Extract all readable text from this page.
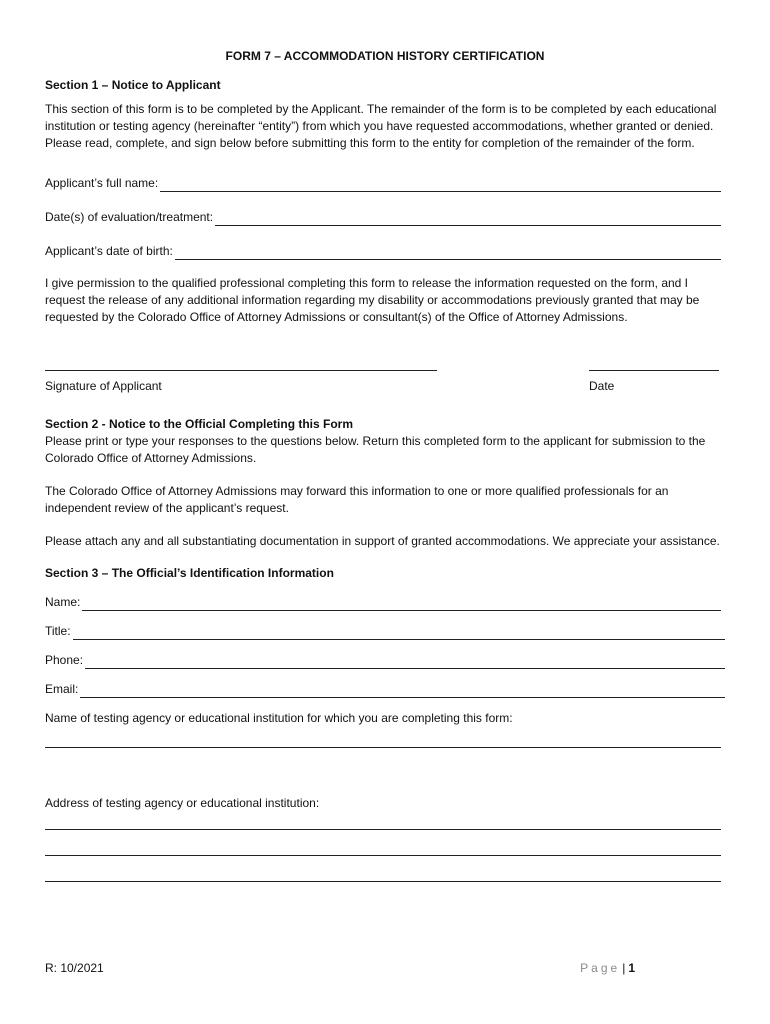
FORM 7 – ACCOMMODATION HISTORY CERTIFICATION
Section 1 – Notice to Applicant

This section of this form is to be completed by the Applicant. The remainder of the form is to be completed by each educational institution or testing agency (hereinafter “entity”) from which you have requested accommodations, whether granted or denied. Please read, complete, and sign below before submitting this form to the entity for completion of the remainder of the form.

Applicant’s full name:
Date(s) of evaluation/treatment:
Applicant’s date of birth:

I give permission to the qualified professional completing this form to release the information requested on the form, and I request the release of any additional information regarding my disability or accommodations previously granted that may be requested by the Colorado Office of Attorney Admissions or consultant(s) of the Office of Attorney Admissions.

Signature of Applicant	Date
Section 2 - Notice to the Official Completing this Form

Please print or type your responses to the questions below. Return this completed form to the applicant for submission to the Colorado Office of Attorney Admissions.

The Colorado Office of Attorney Admissions may forward this information to one or more qualified professionals for an independent review of the applicant’s request.

Please attach any and all substantiating documentation in support of granted accommodations. We appreciate your assistance.

Section 3 – The Official’s Identification Information
Name:
Title:
Phone:
Email:

Name of testing agency or educational institution for which you are completing this form:

Address of testing agency or educational institution:

R: 10/2021	Page | 1
